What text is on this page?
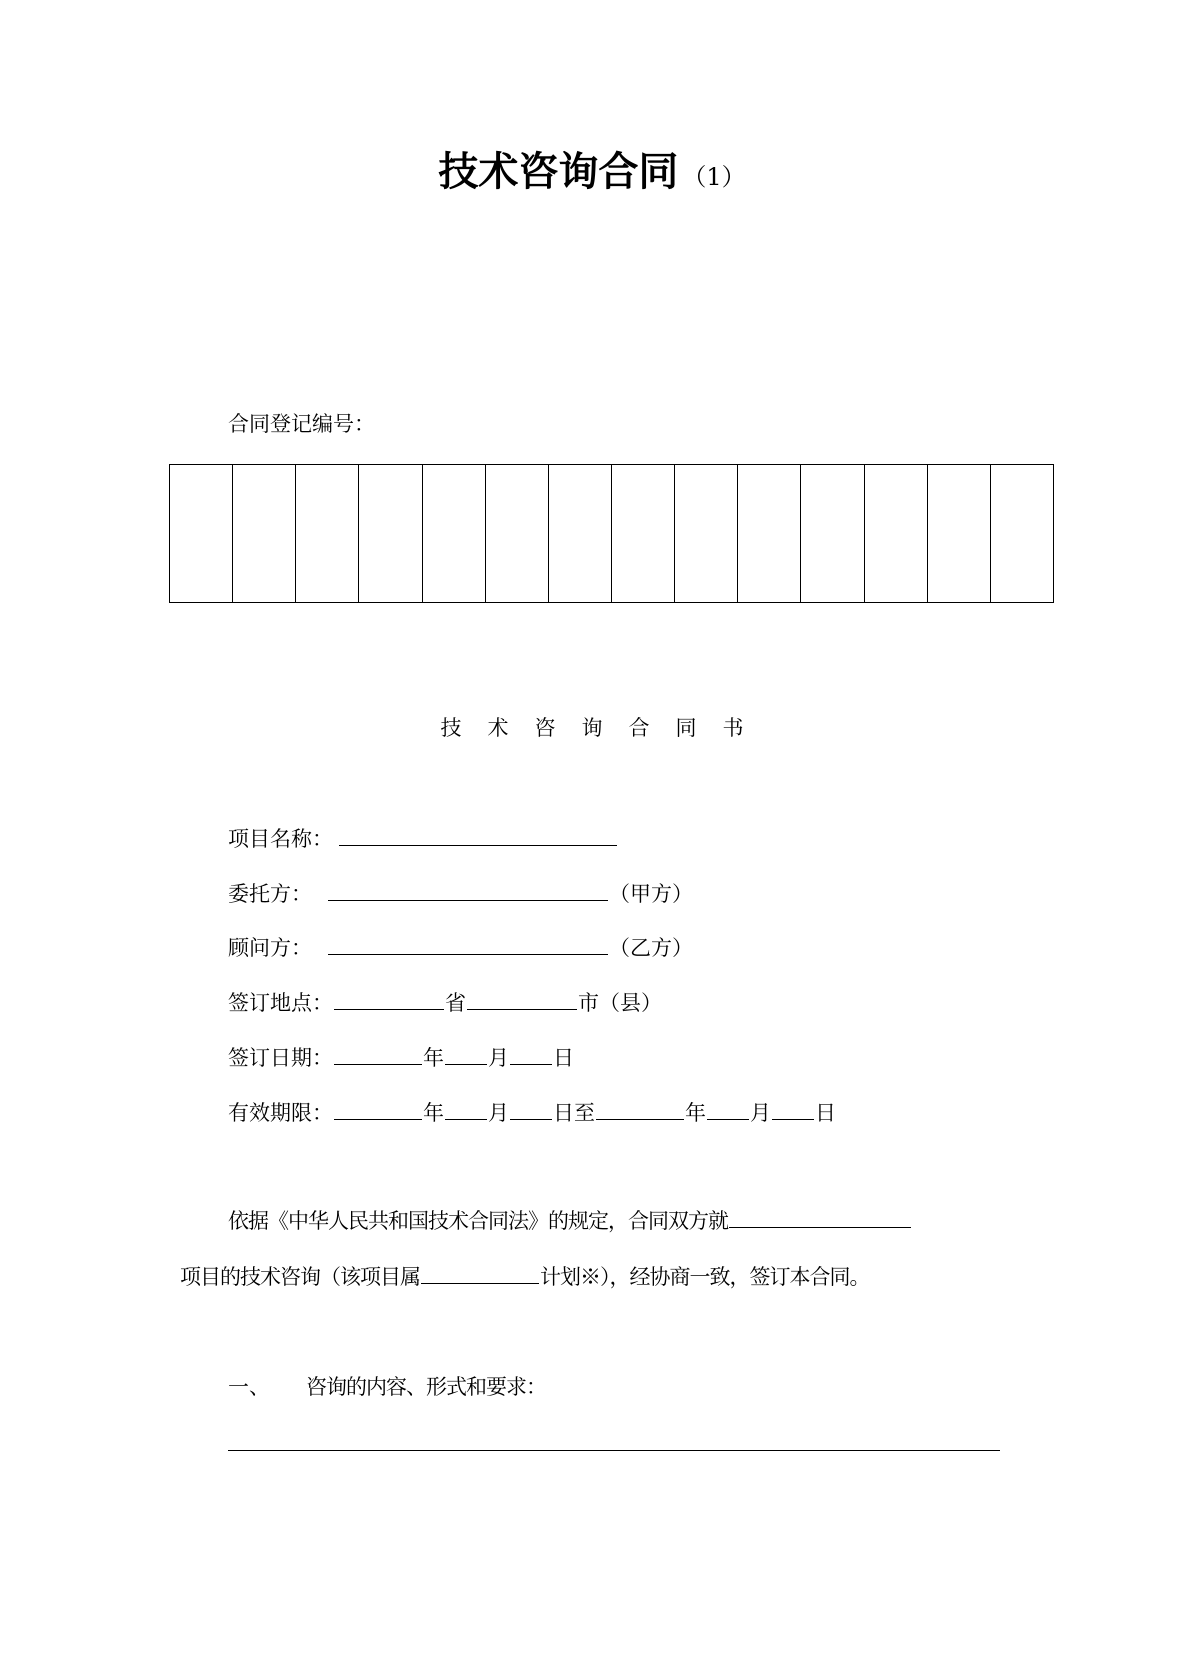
技术咨询合同 （1）
合同登记编号：

技术咨询合同书
项目名称：
委托方：	（甲方）
顾问方：	（乙方）
签订地点：	省	市（县）
签订日期：	年 月 日
有效期限：	年 月 日至	年 月 日
依据《中华人民共和国技术合同法》的规定，合同双方就
项目的技术咨询（该项目属	计划※），经协商一致，签订本合同。
一、 咨询的内容、形式和要求：
